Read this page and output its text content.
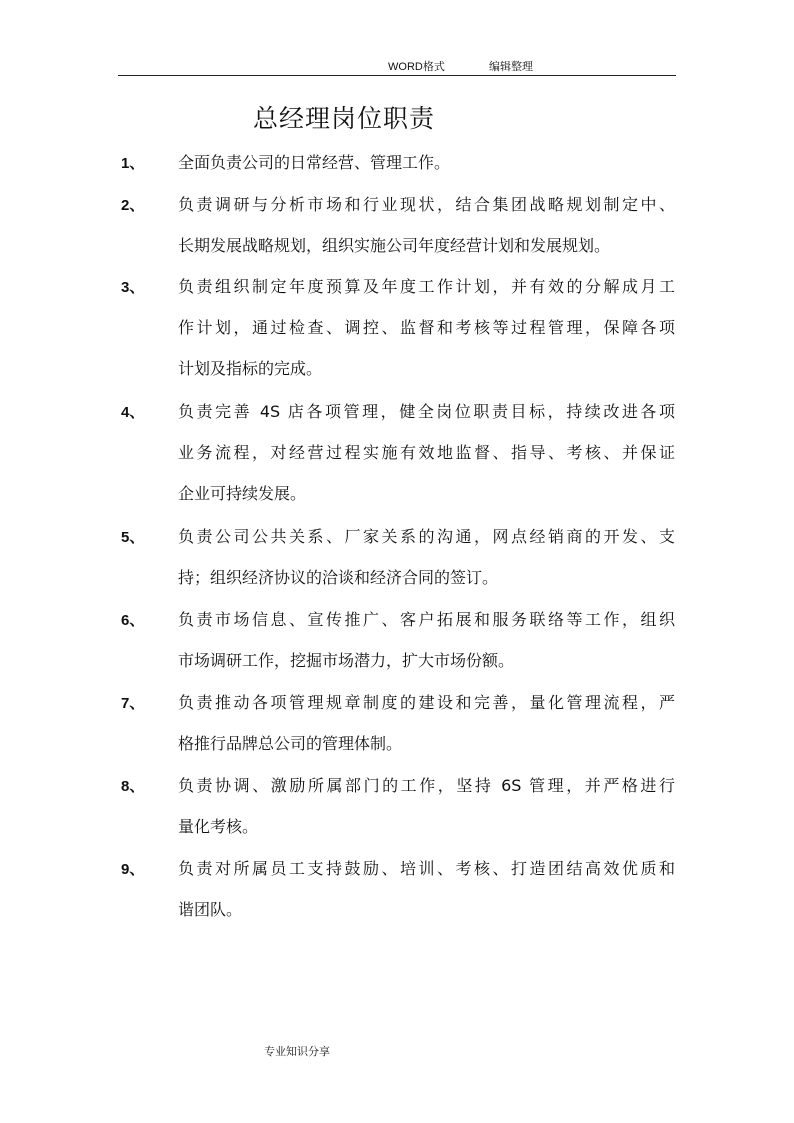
WORD格式	编辑整理
总经理岗位职责
1、 全面负责公司的日常经营、管理工作。
2、 负责调研与分析市场和行业现状，结合集团战略规划制定中、
长期发展战略规划，组织实施公司年度经营计划和发展规划。
3、 负责组织制定年度预算及年度工作计划，并有效的分解成月工
作计划，通过检查、调控、监督和考核等过程管理，保障各项
计划及指标的完成。
4、 负责完善 4S 店各项管理，健全岗位职责目标，持续改进各项
业务流程，对经营过程实施有效地监督、指导、考核、并保证
企业可持续发展。
5、 负责公司公共关系、厂家关系的沟通，网点经销商的开发、支
持；组织经济协议的洽谈和经济合同的签订。
6、 负责市场信息、宣传推广、客户拓展和服务联络等工作，组织
市场调研工作，挖掘市场潜力，扩大市场份额。
7、 负责推动各项管理规章制度的建设和完善，量化管理流程，严
格推行品牌总公司的管理体制。
8、 负责协调、激励所属部门的工作，坚持 6S 管理，并严格进行
量化考核。
9、 负责对所属员工支持鼓励、培训、考核、打造团结高效优质和
谐团队。
专业知识分享
